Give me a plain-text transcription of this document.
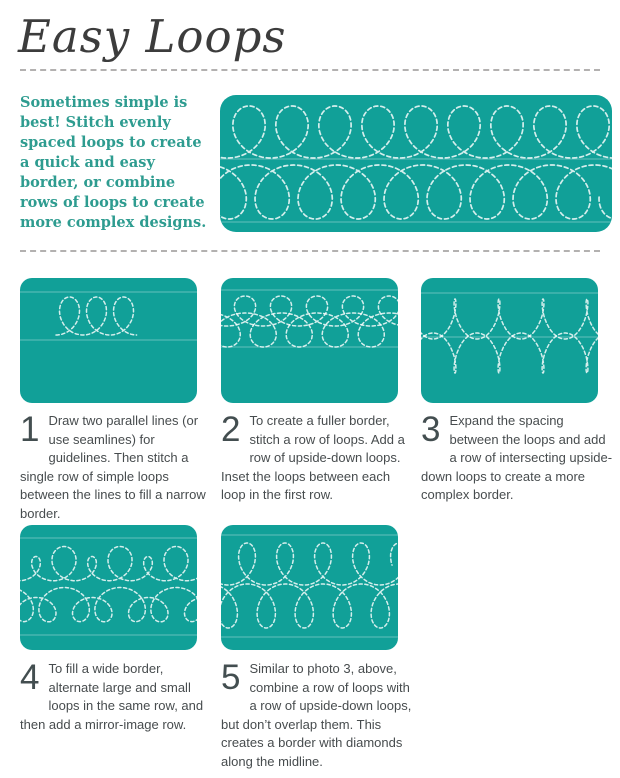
Easy Loops

Sometimes simple is best! Stitch evenly spaced loops to create a quick and easy border, or combine rows of loops to create more complex designs.

1 Draw two parallel lines (or use seamlines) for guidelines. Then stitch a single row of simple loops between the lines to fill a narrow border.
2 To create a fuller border, stitch a row of loops. Add a row of upside-down loops. Inset the loops between each loop in the first row.
3 Expand the spacing between the loops and add a row of intersecting upside-down loops to create a more complex border.
4 To fill a wide border, alternate large and small loops in the same row, and then add a mirror-image row.
5 Similar to photo 3, above, combine a row of loops with a row of upside-down loops, but don’t overlap them. This creates a border with diamonds along the midline.
